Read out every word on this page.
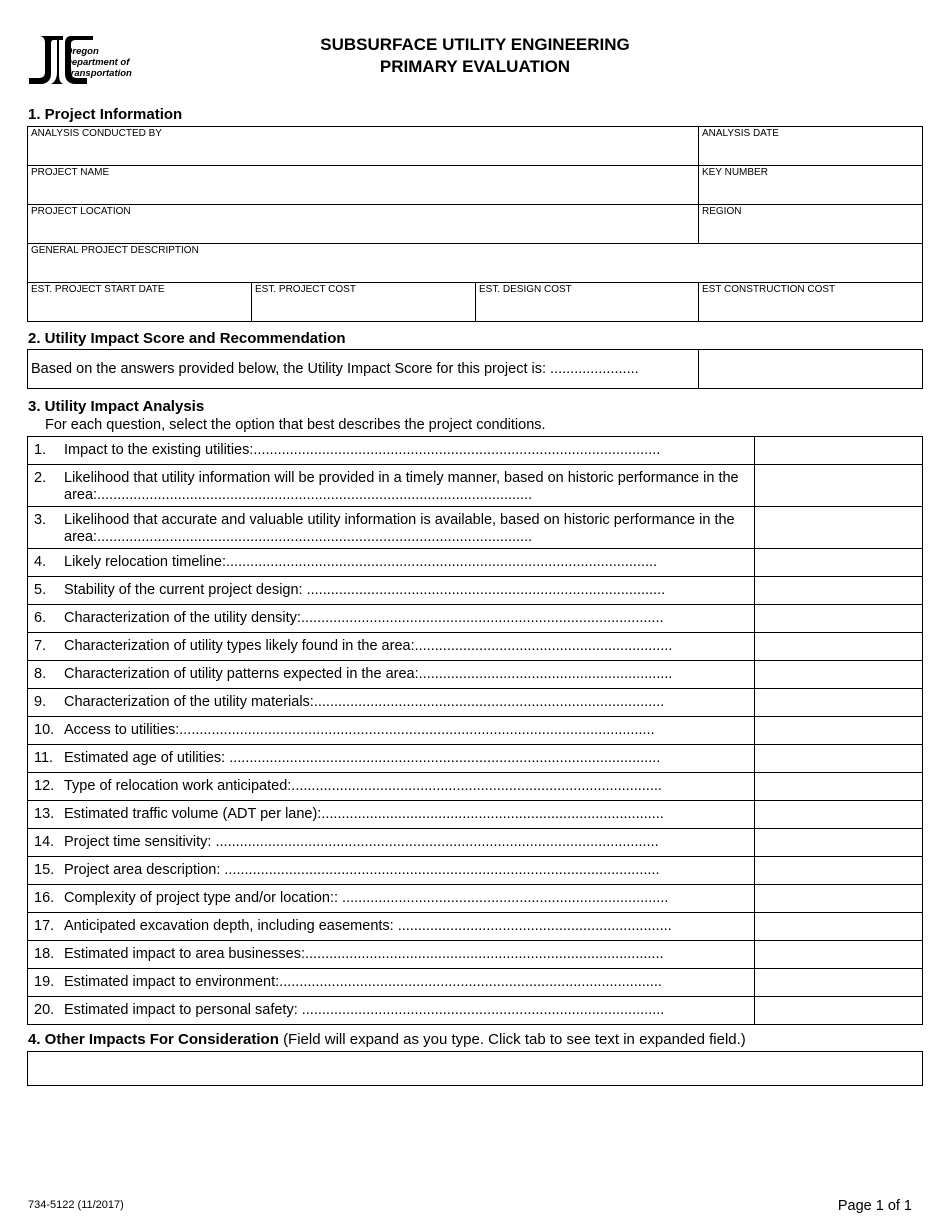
Oregon
Department of
Transportation
SUBSURFACE UTILITY ENGINEERING
PRIMARY EVALUATION
1. Project Information
ANALYSIS CONDUCTED BY			ANALYSIS DATE

PROJECT NAME			KEY NUMBER

PROJECT LOCATION			REGION

GENERAL PROJECT DESCRIPTION			

EST. PROJECT START DATE	EST. PROJECT COST	EST. DESIGN COST	EST CONSTRUCTION COST
2. Utility Impact Score and Recommendation
Based on the answers provided below, the Utility Impact Score for this project is: ......................	
3. Utility Impact Analysis
For each question, select the option that best describes the project conditions.
1. Impact to the existing utilities:.....................................................................................................	
2. Likelihood that utility information will be provided in a timely manner, based on historic performance in the area:............................................................................................................	
3. Likelihood that accurate and valuable utility information is available, based on historic performance in the area:............................................................................................................	
4. Likely relocation timeline:...........................................................................................................	
5. Stability of the current project design: .........................................................................................	
6. Characterization of the utility density:..........................................................................................	
7. Characterization of utility types likely found in the area:................................................................	
8. Characterization of utility patterns expected in the area:...............................................................	
9. Characterization of the utility materials:.......................................................................................	
10. Access to utilities:......................................................................................................................	
11. Estimated age of utilities: ...........................................................................................................	
12. Type of relocation work anticipated:............................................................................................	
13. Estimated traffic volume (ADT per lane):.....................................................................................	
14. Project time sensitivity: ..............................................................................................................	
15. Project area description: ............................................................................................................	
16. Complexity of project type and/or location:: .................................................................................	
17. Anticipated excavation depth, including easements: ....................................................................	
18. Estimated impact to area businesses:.........................................................................................	
19. Estimated impact to environment:...............................................................................................	
20. Estimated impact to personal safety: ..........................................................................................	
4. Other Impacts For Consideration (Field will expand as you type. Click tab to see text in expanded field.)
734-5122 (11/2017)	Page 1 of 1
